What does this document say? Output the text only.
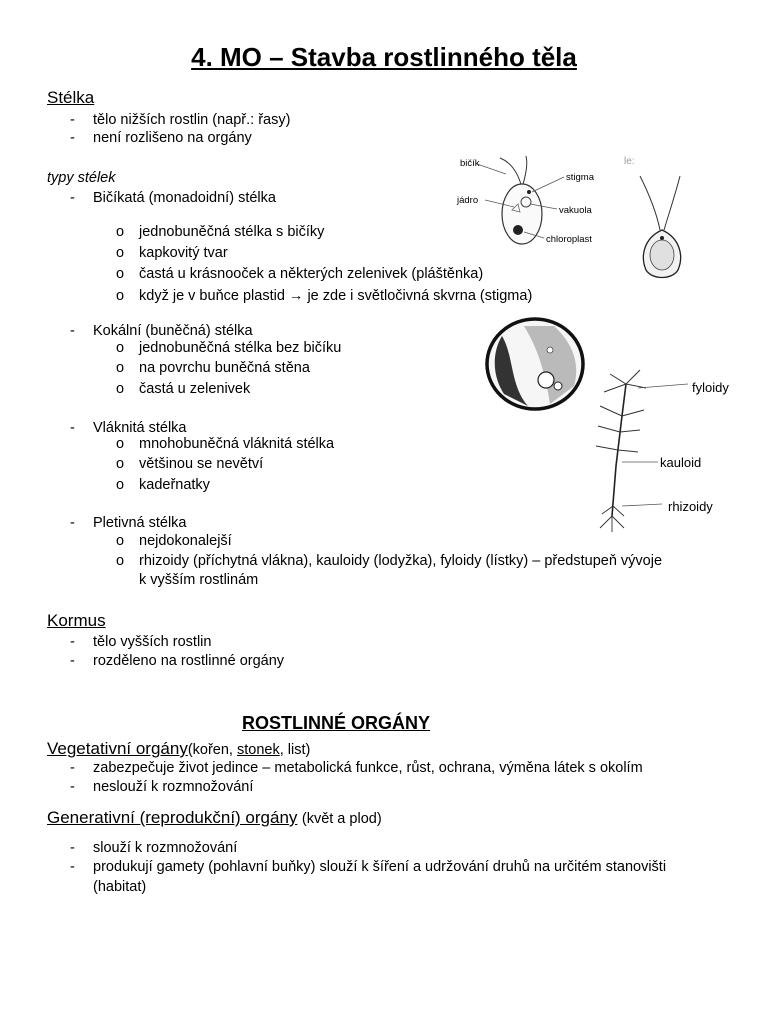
4. MO – Stavba rostlinného těla
Stélka
- tělo nižších rostlin (např.: řasy)
- není rozlišeno na orgány
typy stélek
- Bičíkatá (monadoidní) stélka
o jednobuněčná stélka s bičíky
o kapkovitý tvar
o častá u krásnooček a některých zelenivek (pláštěnka)
o když je v buňce plastid → je zde i světločivná skvrna (stigma)
- Kokální (buněčná) stélka
o jednobuněčná stélka bez bičíku
o na povrchu buněčná stěna
o častá u zelenivek
- Vláknitá stélka
o mnohobuněčná vláknitá stélka
o většinou se nevětví
o kadeřnatky
- Pletivná stélka
o nejdokonalejší
o rhizoidy (příchytná vlákna), kauloidy (lodyžka), fyloidy (lístky) – předstupeň vývoje
k vyšším rostlinám
Kormus
- tělo vyšších rostlin
- rozděleno na rostlinné orgány
ROSTLINNÉ ORGÁNY
Vegetativní orgány(kořen, stonek, list)
- zabezpečuje život jedince – metabolická funkce, růst, ochrana, výměna látek s okolím
- neslouží k rozmnožování
Generativní (reprodukční) orgány (květ a plod)
- slouží k rozmnožování
- produkují gamety (pohlavní buňky) slouží k šíření a udržování druhů na určitém stanovišti
(habitat)
bičík
stigma
jádro
vakuola
chloroplast
le:
fyloidy
kauloid
rhizoidy
